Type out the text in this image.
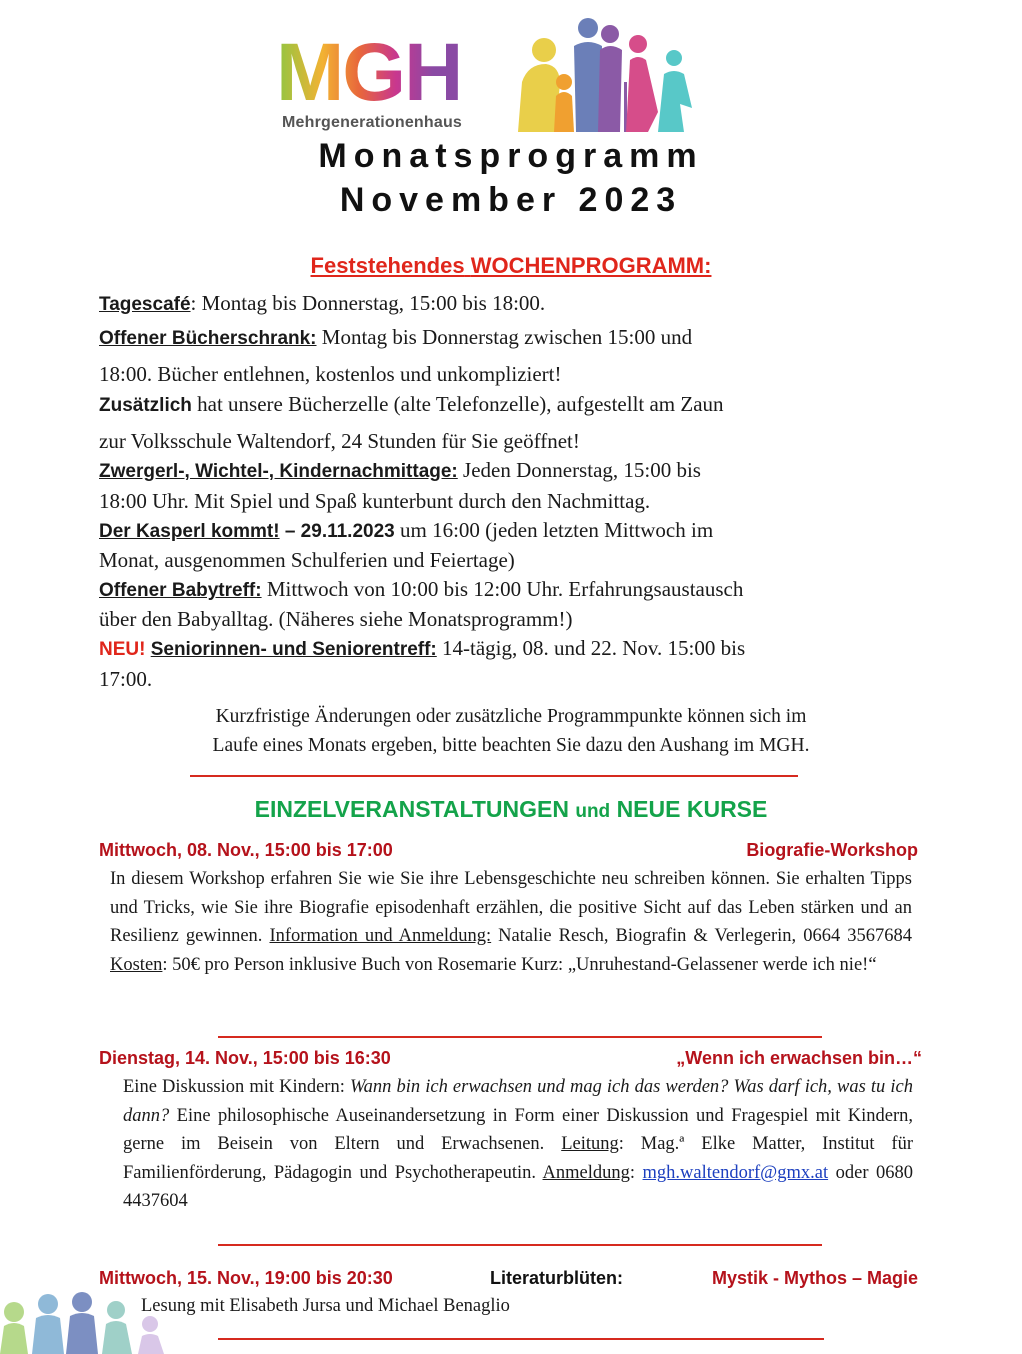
MGH
Mehrgenerationenhaus
Monatsprogramm
November 2023
Feststehendes WOCHENPROGRAMM:
Tagescafé: Montag bis Donnerstag, 15:00 bis 18:00.
Offener Bücherschrank: Montag bis Donnerstag zwischen 15:00 und
18:00. Bücher entlehnen, kostenlos und unkompliziert!
Zusätzlich hat unsere Bücherzelle (alte Telefonzelle), aufgestellt am Zaun
zur Volksschule Waltendorf, 24 Stunden für Sie geöffnet!
Zwergerl-, Wichtel-, Kindernachmittage: Jeden Donnerstag, 15:00 bis
18:00 Uhr. Mit Spiel und Spaß kunterbunt durch den Nachmittag.
Der Kasperl kommt! – 29.11.2023 um 16:00 (jeden letzten Mittwoch im
Monat, ausgenommen Schulferien und Feiertage)
Offener Babytreff: Mittwoch von 10:00 bis 12:00 Uhr. Erfahrungsaustausch
über den Babyalltag. (Näheres siehe Monatsprogramm!)
NEU! Seniorinnen- und Seniorentreff: 14-tägig, 08. und 22. Nov. 15:00 bis
17:00.
Kurzfristige Änderungen oder zusätzliche Programmpunkte können sich im
Laufe eines Monats ergeben, bitte beachten Sie dazu den Aushang im MGH.
EINZELVERANSTALTUNGEN und NEUE KURSE
Mittwoch, 08. Nov., 15:00 bis 17:00	Biografie-Workshop

In diesem Workshop erfahren Sie wie Sie ihre Lebensgeschichte neu schreiben können. Sie erhalten Tipps und Tricks, wie Sie ihre Biografie episodenhaft erzählen, die positive Sicht auf das Leben stärken und an Resilienz gewinnen. Information und Anmeldung: Natalie Resch, Biografin & Verlegerin, 0664 3567684 Kosten: 50€ pro Person inklusive Buch von Rosemarie Kurz: „Unruhestand-Gelassener werde ich nie!“

Dienstag, 14. Nov., 15:00 bis 16:30	„Wenn ich erwachsen bin…“

Eine Diskussion mit Kindern: Wann bin ich erwachsen und mag ich das werden? Was darf ich, was tu ich dann? Eine philosophische Auseinandersetzung in Form einer Diskussion und Fragespiel mit Kindern, gerne im Beisein von Eltern und Erwachsenen. Leitung: Mag.ª Elke Matter, Institut für Familienförderung, Pädagogin und Psychotherapeutin. Anmeldung: mgh.waltendorf@gmx.at oder 0680 4437604

Mittwoch, 15. Nov., 19:00 bis 20:30	Literaturblüten:	Mystik - Mythos – Magie
Lesung mit Elisabeth Jursa und Michael Benaglio
